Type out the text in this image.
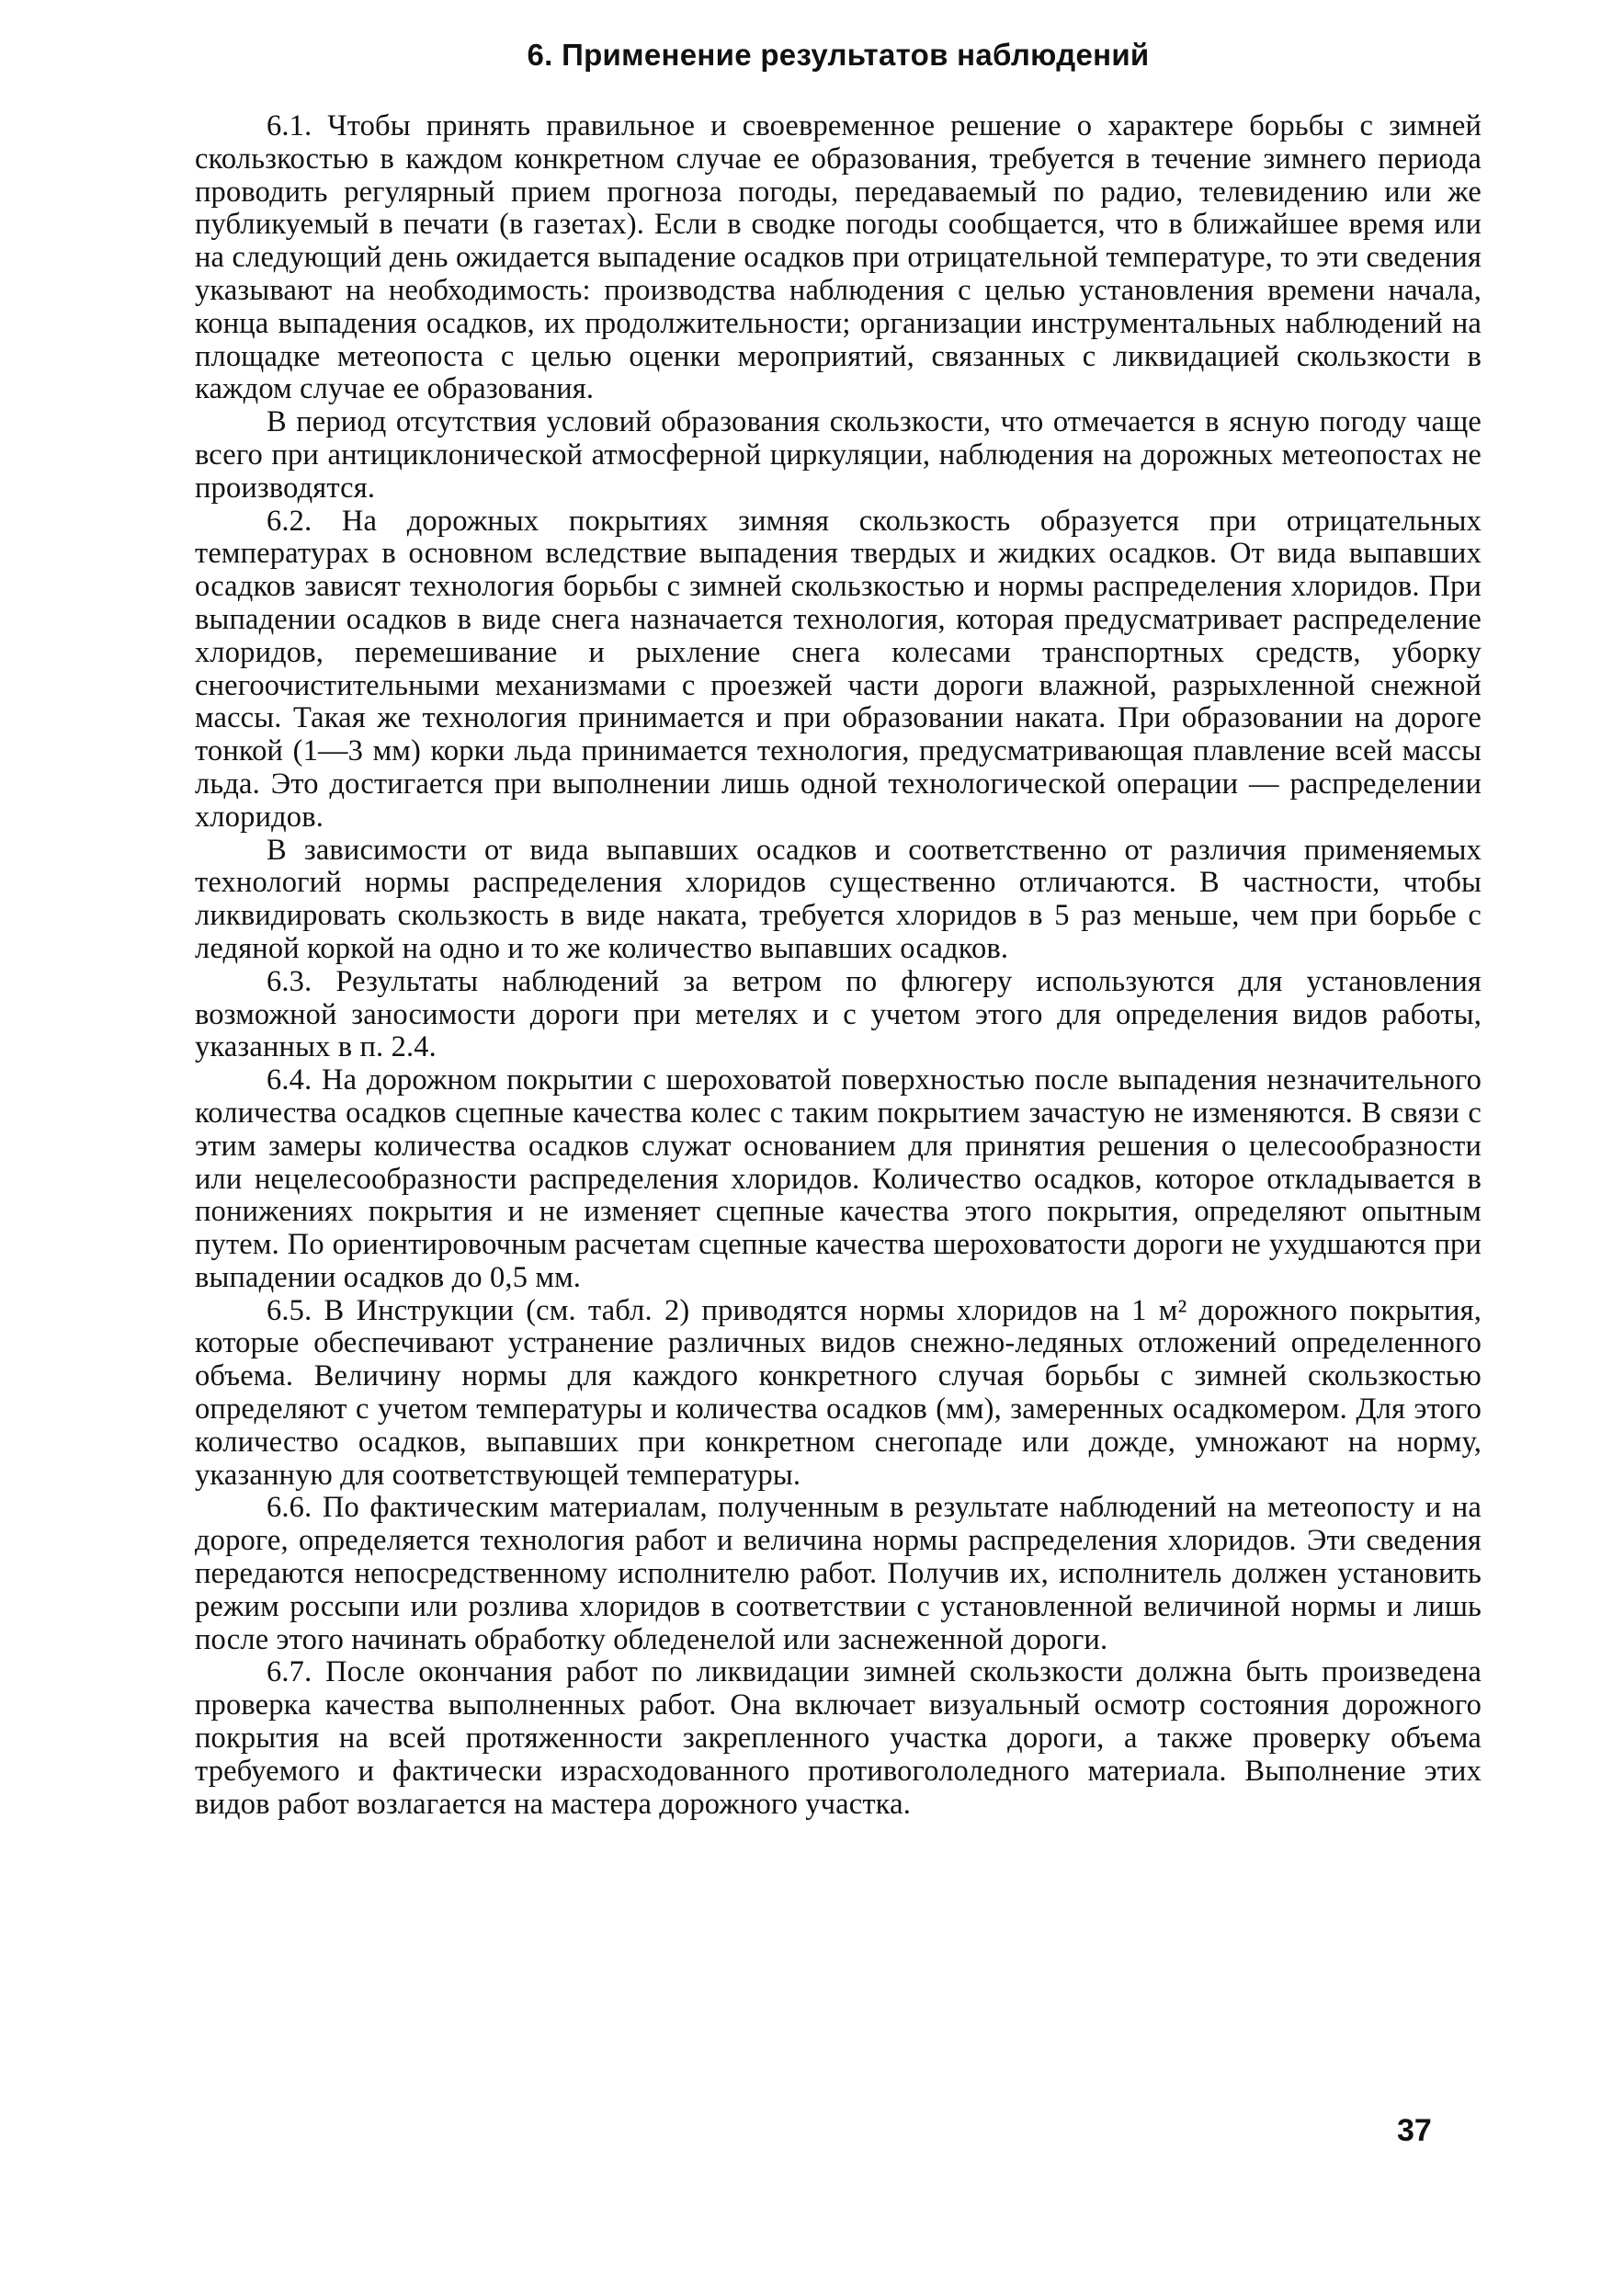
6. Применение результатов наблюдений

6.1. Чтобы принять правильное и своевременное решение о характере борьбы с зимней скользкостью в каждом конкретном случае ее образования, требуется в течение зимнего периода проводить регулярный прием прогноза погоды, передаваемый по радио, телевидению или же публикуемый в печати (в газетах). Если в сводке погоды сообщается, что в ближайшее время или на следующий день ожидается выпадение осадков при отрицательной температуре, то эти сведения указывают на необходимость: производства наблюдения с целью установления времени начала, конца выпадения осадков, их продолжительности; организации инструментальных наблюдений на площадке метеопоста с целью оценки мероприятий, связанных с ликвидацией скользкости в каждом случае ее образования.

В период отсутствия условий образования скользкости, что отмечается в ясную погоду чаще всего при антициклонической атмосферной циркуляции, наблюдения на дорожных метеопостах не производятся.

6.2. На дорожных покрытиях зимняя скользкость образуется при отрицательных температурах в основном вследствие выпадения твердых и жидких осадков. От вида выпавших осадков зависят технология борьбы с зимней скользкостью и нормы распределения хлоридов. При выпадении осадков в виде снега назначается технология, которая предусматривает распределение хлоридов, перемешивание и рыхление снега колесами транспортных средств, уборку снегоочистительными механизмами с проезжей части дороги влажной, разрыхленной снежной массы. Такая же технология принимается и при образовании наката. При образовании на дороге тонкой (1—3 мм) корки льда принимается технология, предусматривающая плавление всей массы льда. Это достигается при выполнении лишь одной технологической операции — распределении хлоридов.

В зависимости от вида выпавших осадков и соответственно от различия применяемых технологий нормы распределения хлоридов существенно отличаются. В частности, чтобы ликвидировать скользкость в виде наката, требуется хлоридов в 5 раз меньше, чем при борьбе с ледяной коркой на одно и то же количество выпавших осадков.

6.3. Результаты наблюдений за ветром по флюгеру используются для установления возможной заносимости дороги при метелях и с учетом этого для определения видов работы, указанных в п. 2.4.

6.4. На дорожном покрытии с шероховатой поверхностью после выпадения незначительного количества осадков сцепные качества колес с таким покрытием зачастую не изменяются. В связи с этим замеры количества осадков служат основанием для принятия решения о целесообразности или нецелесообразности распределения хлоридов. Количество осадков, которое откладывается в понижениях покрытия и не изменяет сцепные качества этого покрытия, определяют опытным путем. По ориентировочным расчетам сцепные качества шероховатости дороги не ухудшаются при выпадении осадков до 0,5 мм.

6.5. В Инструкции (см. табл. 2) приводятся нормы хлоридов на 1 м² дорожного покрытия, которые обеспечивают устранение различных видов снежно-ледяных отложений определенного объема. Величину нормы для каждого конкретного случая борьбы с зимней скользкостью определяют с учетом температуры и количества осадков (мм), замеренных осадкомером. Для этого количество осадков, выпавших при конкретном снегопаде или дожде, умножают на норму, указанную для соответствующей температуры.

6.6. По фактическим материалам, полученным в результате наблюдений на метеопосту и на дороге, определяется технология работ и величина нормы распределения хлоридов. Эти сведения передаются непосредственному исполнителю работ. Получив их, исполнитель должен установить режим россыпи или розлива хлоридов в соответствии с установленной величиной нормы и лишь после этого начинать обработку обледенелой или заснеженной дороги.

6.7. После окончания работ по ликвидации зимней скользкости должна быть произведена проверка качества выполненных работ. Она включает визуальный осмотр состояния дорожного покрытия на всей протяженности закрепленного участка дороги, а также проверку объема требуемого и фактически израсходованного противогололедного материала. Выполнение этих видов работ возлагается на мастера дорожного участка.

37
